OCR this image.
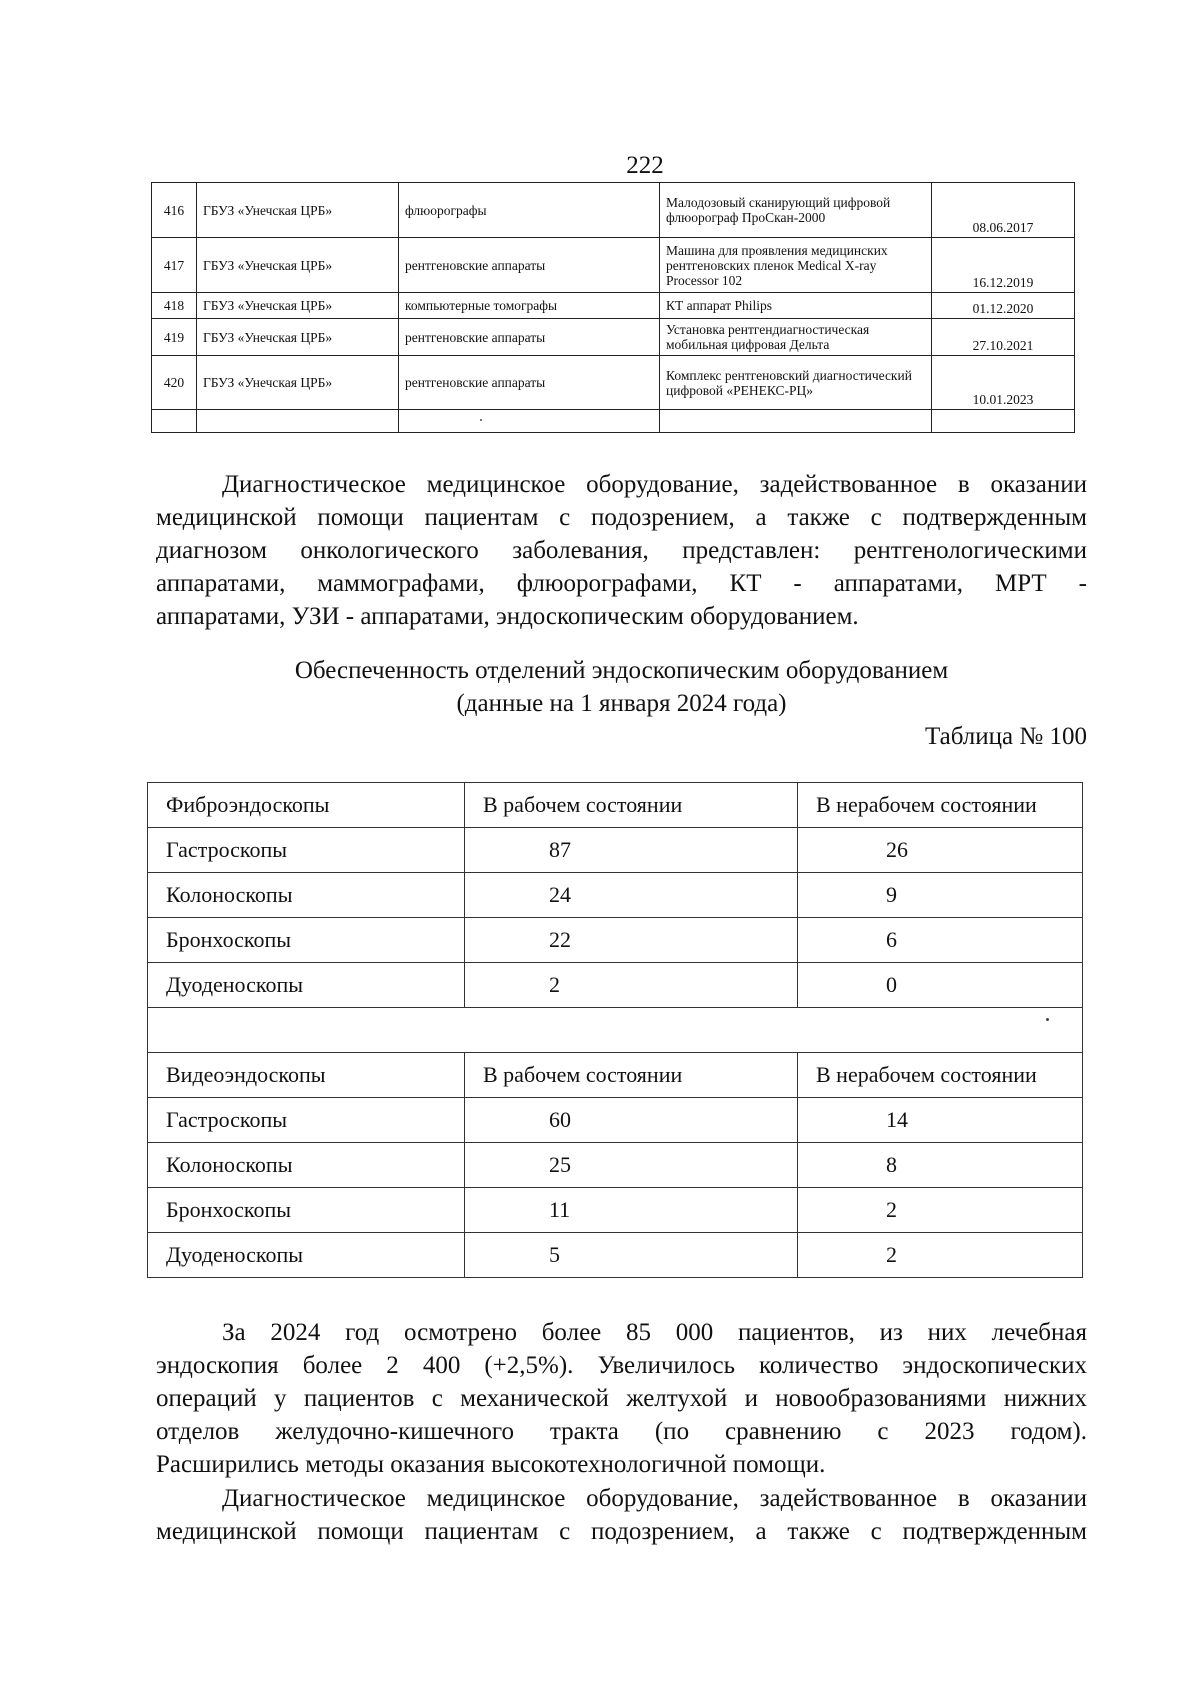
222
416	ГБУЗ «Унечская ЦРБ»	флюорографы	Малодозовый сканирующий цифровой флюорограф ПроСкан-2000	08.06.2017
417	ГБУЗ «Унечская ЦРБ»	рентгеновские аппараты	Машина для проявления медицинских рентгеновских пленок Medical X-ray Processor 102	16.12.2019
418	ГБУЗ «Унечская ЦРБ»	компьютерные томографы	КТ аппарат Philips	01.12.2020
419	ГБУЗ «Унечская ЦРБ»	рентгеновские аппараты	Установка рентгендиагностическая мобильная цифровая Дельта	27.10.2021
420	ГБУЗ «Унечская ЦРБ»	рентгеновские аппараты	Комплекс рентгеновский диагностический цифровой «РЕНЕКС-РЦ»	10.01.2023

Диагностическое медицинское оборудование, задействованное в оказании
медицинской помощи пациентам с подозрением, а также с подтвержденным
диагнозом онкологического заболевания, представлен: рентгенологическими
аппаратами, маммографами, флюорографами, КТ - аппаратами, МРТ -
аппаратами, УЗИ - аппаратами, эндоскопическим оборудованием.

Обеспеченность отделений эндоскопическим оборудованием

(данные на 1 января 2024 года)

Таблица № 100

Фиброэндоскопы	В рабочем состоянии	В нерабочем состоянии
Гастроскопы	87	26
Колоноскопы	24	9
Бронхоскопы	22	6
Дуоденоскопы	2	0

Видеоэндоскопы	В рабочем состоянии	В нерабочем состоянии
Гастроскопы	60	14
Колоноскопы	25	8
Бронхоскопы	11	2
Дуоденоскопы	5	2
За 2024 год осмотрено более 85 000 пациентов, из них лечебная
эндоскопия более 2 400 (+2,5%). Увеличилось количество эндоскопических
операций у пациентов с механической желтухой и новообразованиями нижних
отделов желудочно-кишечного тракта (по сравнению с 2023 годом).
Расширились методы оказания высокотехнологичной помощи.
Диагностическое медицинское оборудование, задействованное в оказании
медицинской помощи пациентам с подозрением, а также с подтвержденным
